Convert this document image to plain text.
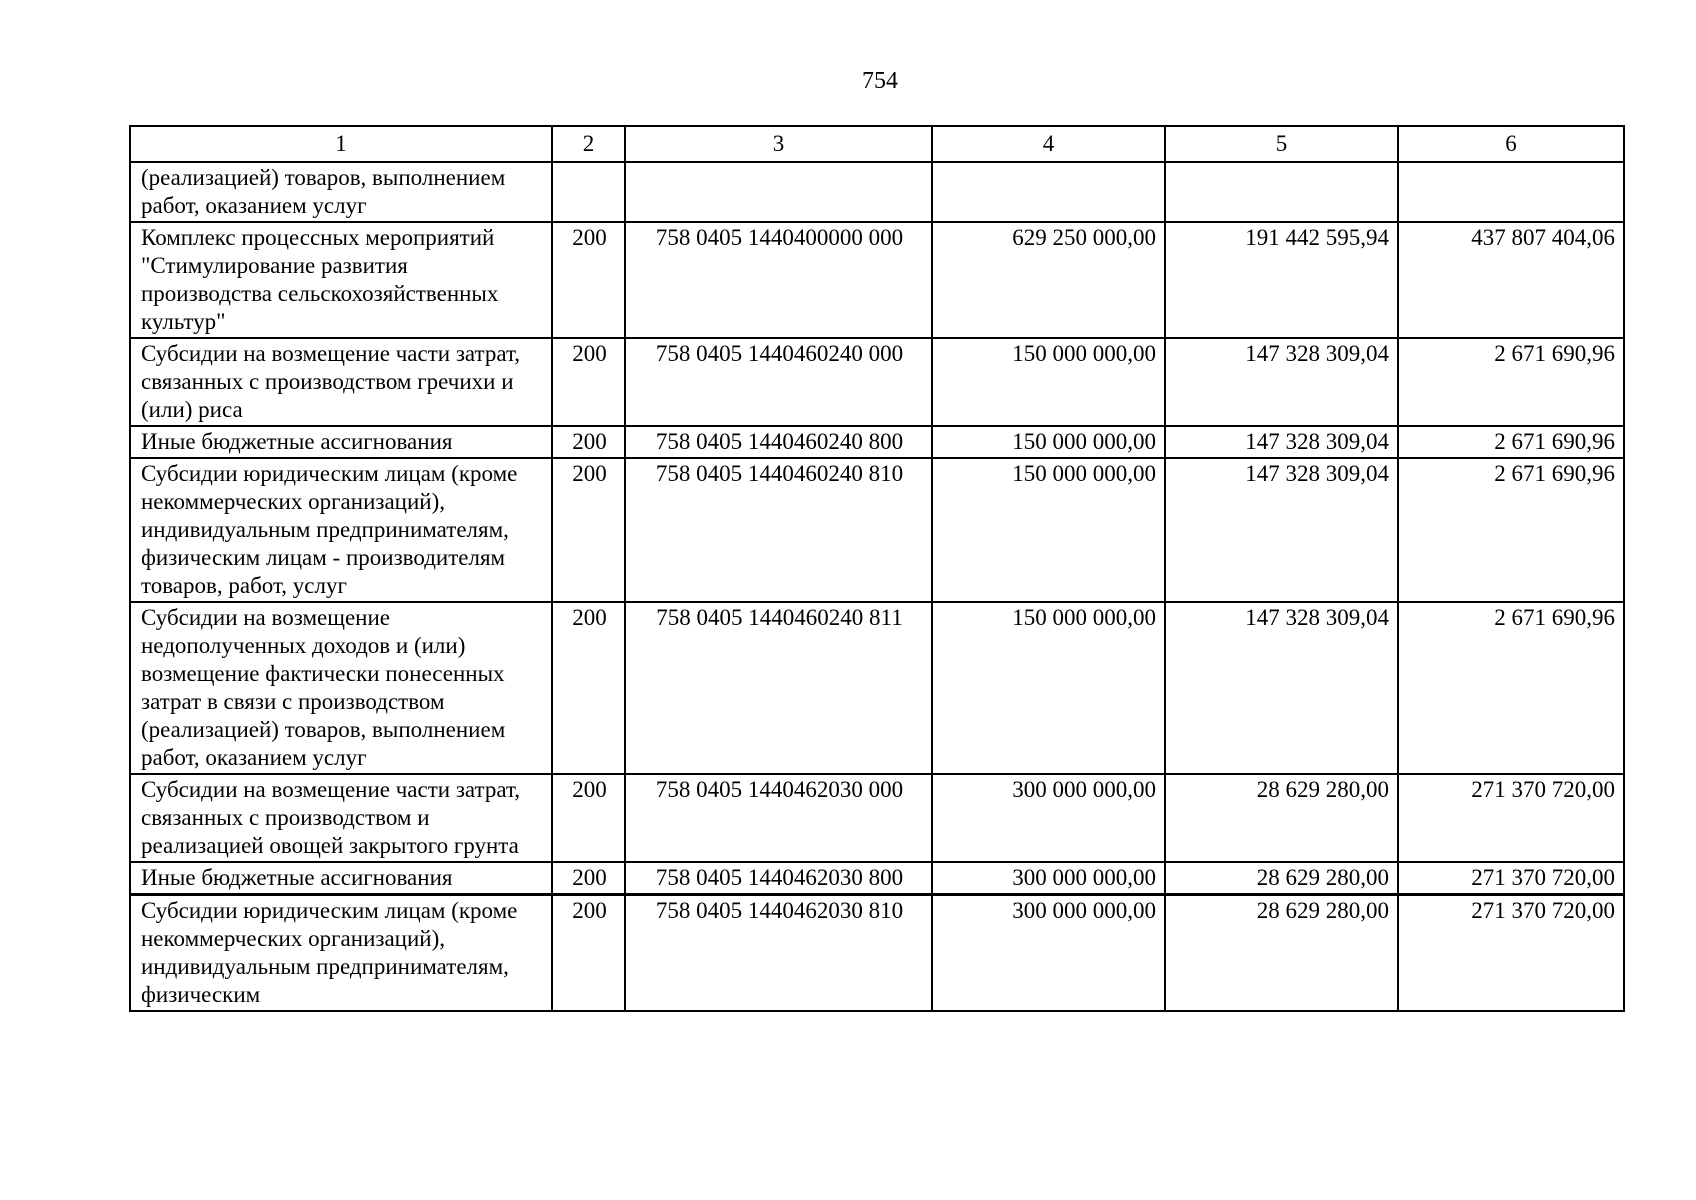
754
1	2	3	4	5	6
(реализацией) товаров, выполнением работ, оказанием услуг					
Комплекс процессных мероприятий "Стимулирование развития производства сельскохозяйственных культур"	200	758 0405 1440400000 000	629 250 000,00	191 442 595,94	437 807 404,06
Субсидии на возмещение части затрат, связанных с производством гречихи и (или) риса	200	758 0405 1440460240 000	150 000 000,00	147 328 309,04	2 671 690,96
Иные бюджетные ассигнования	200	758 0405 1440460240 800	150 000 000,00	147 328 309,04	2 671 690,96
Субсидии юридическим лицам (кроме некоммерческих организаций), индивидуальным предпринимателям, физическим лицам - производителям товаров, работ, услуг	200	758 0405 1440460240 810	150 000 000,00	147 328 309,04	2 671 690,96
Субсидии на возмещение недополученных доходов и (или) возмещение фактически понесенных затрат в связи с производством (реализацией) товаров, выполнением работ, оказанием услуг	200	758 0405 1440460240 811	150 000 000,00	147 328 309,04	2 671 690,96
Субсидии на возмещение части затрат, связанных с производством и реализацией овощей закрытого грунта	200	758 0405 1440462030 000	300 000 000,00	28 629 280,00	271 370 720,00
Иные бюджетные ассигнования	200	758 0405 1440462030 800	300 000 000,00	28 629 280,00	271 370 720,00
Субсидии юридическим лицам (кроме некоммерческих организаций), индивидуальным предпринимателям, физическим	200	758 0405 1440462030 810	300 000 000,00	28 629 280,00	271 370 720,00
